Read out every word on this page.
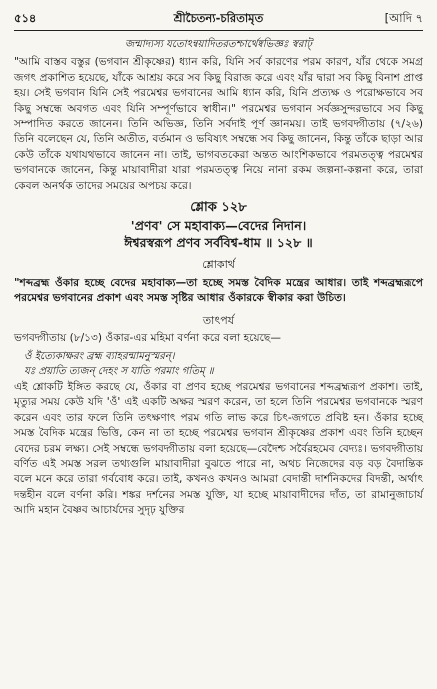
৫১৪	শ্রীচৈতন্য-চরিতামৃত	[আদি ৭

জন্মাদ্যস্য যতোঽন্বয়াদিতরতশ্চার্থেষ্বভিজ্ঞঃ স্বরাট্

"আমি বাস্তব বস্তুর (ভগবান শ্রীকৃষ্ণের) ধ্যান করি, যিনি সর্ব কারণের পরম কারণ, যাঁর থেকে সমগ্র জগৎ প্রকাশিত হয়েছে, যাঁকে আশ্রয় করে সব কিছু বিরাজ করে এবং যাঁর দ্বারা সব কিছু বিনাশ প্রাপ্ত হয়। সেই ভগবান যিনি সেই পরমেশ্বর ভগবানের আমি ধ্যান করি, যিনি প্রত্যক্ষ ও পরোক্ষভাবে সব কিছু সম্বন্ধে অবগত এবং যিনি সম্পূর্ণভাবে স্বাধীন।" পরমেশ্বর ভগবান সর্বজ্ঞসুন্দরভাবে সব কিছু সম্পাদিত করতে জানেন। তিনি অভিজ্ঞ, তিনি সর্বদাই পূর্ণ জ্ঞানময়। তাই ভগবদ্গীতায় (৭/২৬) তিনি বলেছেন যে, তিনি অতীত, বর্তমান ও ভবিষ্যৎ সম্বন্ধে সব কিছু জানেন, কিন্তু তাঁকে ছাড়া আর কেউ তাঁকে যথাযথভাবে জানেন না। তাই, ভাগবতকেরা অন্তত আংশিকভাবে পরমতত্ত্ব পরমেশ্বর ভগবানকে জানেন, কিন্তু মায়াবাদীরা যারা পরমতত্ত্ব নিয়ে নানা রকম জল্পনা-কল্পনা করে, তারা কেবল অনর্থক তাদের সময়ের অপচয় করে।

শ্লোক ১২৮
'প্রণব' সে মহাবাক্য—বেদের নিদান।
ঈশ্বরস্বরূপ প্রণব সর্ববিশ্ব-ধাম ॥ ১২৮ ॥
শ্লোকার্থ

"শব্দব্রহ্ম ওঁকার হচ্ছে বেদের মহাবাক্য—তা হচ্ছে সমস্ত বৈদিক মন্ত্রের আধার। তাই শব্দব্রহ্মরূপে পরমেশ্বর ভগবানের প্রকাশ এবং সমস্ত সৃষ্টির আধার ওঁকারকে স্বীকার করা উচিত।

তাৎপর্য

ভগবদ্গীতায় (৮/১৩) ওঁকার-এর মহিমা বর্ণনা করে বলা হয়েছে—

ওঁ ইত্যেকাক্ষরং ব্রহ্ম ব্যাহরন্মামনুস্মরন্।
যঃ প্রয়াতি ত্যজন্ দেহং স যাতি পরমাং গতিম্ ॥

এই শ্লোকটি ইঙ্গিত করছে যে, ওঁকার বা প্রণব হচ্ছে পরমেশ্বর ভগবানের শব্দব্রহ্মরূপ প্রকাশ। তাই, মৃত্যুর সময় কেউ যদি 'ওঁ' এই একটি অক্ষর স্মরণ করেন, তা হলে তিনি পরমেশ্বর ভগবানকে স্মরণ করেন এবং তার ফলে তিনি তৎক্ষণাৎ পরম গতি লাভ করে চিৎ-জগতে প্রবিষ্ট হন। ওঁকার হচ্ছে সমস্ত বৈদিক মন্ত্রের ভিত্তি, কেন না তা হচ্ছে পরমেশ্বর ভগবান শ্রীকৃষ্ণের প্রকাশ এবং তিনি হচ্ছেন বেদের চরম লক্ষ্য। সেই সম্বন্ধে ভগবদ্গীতায় বলা হয়েছে—বেদৈশ্চ সর্বৈরহমেব বেদ্যঃ। ভগবদ্গীতায় বর্ণিত এই সমস্ত সরল তথ্যগুলি মায়াবাদীরা বুঝতে পারে না, অথচ নিজেদের বড় বড় বৈদান্তিক বলে মনে করে তারা গর্ববোধ করে। তাই, কখনও কখনও আমরা বেদান্তী দার্শনিকদের বিদন্তী, অর্থাৎ দন্তহীন বলে বর্ণনা করি। শঙ্কর দর্শনের সমস্ত যুক্তি, যা হচ্ছে মায়াবাদীদের দাঁত, তা রামানুজাচার্য আদি মহান বৈষ্ণব আচার্যদের সুদৃঢ় যুক্তির
